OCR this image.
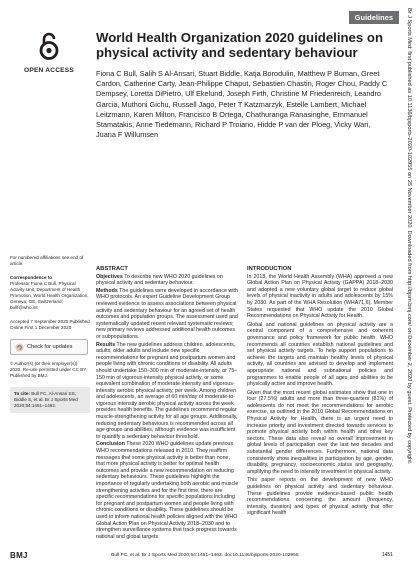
Guidelines	Br J Sports Med: first published as 10.1136/bjsports-2020-102955 on 25 November 2020. Downloaded from http://bjsm.bmj.com/ on December 2, 2020 by guest. Protected by copyright.
OPEN ACCESS
World Health Organization 2020 guidelines on physical activity and sedentary behaviour
Fiona C Bull, Salih S Al-Ansari, Stuart Biddle, Katja Borodulin, Matthew P Buman, Greet Cardon, Catherine Carty, Jean-Philippe Chaput, Sebastien Chastin, Roger Chou, Paddy C Dempsey, Loretta DiPietro, Ulf Ekelund, Joseph Firth, Christine M Friedenreich, Leandro Garcia, Muthoni Gichu, Russell Jago, Peter T Katzmarzyk, Estelle Lambert, Michael Leitzmann, Karen Milton, Francisco B Ortega, Chathuranga Ranasinghe, Emmanuel Stamatakis, Anne Tiedemann, Richard P Troiano, Hidde P van der Ploeg, Vicky Wari, Juana F Willumsen
For numbered affiliations see end of article.
Correspondence to
Professor Fiona C Bull, Physical Activity Unit, Department of Health Promotion, World Health Organization, Geneva, GE, Switzerland; bullf@who.int
Accepted 7 September 2020 Published Online First 1 December 2020
Check for updates
© Author(s) (or their employer(s)) 2020. Re-use permitted under CC BY. Published by BMJ.
To cite: Bull FC, Al-Ansari SS, Biddle S, et al. Br J Sports Med 2020;54:1451–1462.
ABSTRACT

Objectives To describe new WHO 2020 guidelines on physical activity and sedentary behaviour.

Methods The guidelines were developed in accordance with WHO protocols. An expert Guideline Development Group reviewed evidence to assess associations between physical activity and sedentary behaviour for an agreed set of health outcomes and population groups. The assessment used and systematically updated recent relevant systematic reviews; new primary reviews addressed additional health outcomes or subpopulations.

Results The new guidelines address children, adolescents, adults, older adults and include new specific recommendations for pregnant and postpartum women and people living with chronic conditions or disability. All adults should undertake 150–300 min of moderate-intensity, or 75–150 min of vigorous-intensity physical activity, or some equivalent combination of moderate-intensity and vigorous-intensity aerobic physical activity, per week. Among children and adolescents, an average of 60 min/day of moderate-to-vigorous intensity aerobic physical activity across the week provides health benefits. The guidelines recommend regular muscle-strengthening activity for all age groups. Additionally, reducing sedentary behaviours is recommended across all age groups and abilities, although evidence was insufficient to quantify a sedentary behaviour threshold.

Conclusion These 2020 WHO guidelines update previous WHO recommendations released in 2010. They reaffirm messages that some physical activity is better than none, that more physical activity is better for optimal health outcomes and provide a new recommendation on reducing sedentary behaviours. These guidelines highlight the importance of regularly undertaking both aerobic and muscle strengthening activities and for the first time, there are specific recommendations for specific populations including for pregnant and postpartum women and people living with chronic conditions or disability. These guidelines should be used to inform national health policies aligned with the WHO Global Action Plan on Physical Activity 2018–2030 and to strengthen surveillance systems that track progress towards national and global targets.

INTRODUCTION

In 2018, the World Health Assembly (WHA) approved a new Global Action Plan on Physical Activity (GAPPA) 2018–2030 and adopted a new voluntary global target to reduce global levels of physical inactivity in adults and adolescents by 15% by 2030. As part of the WHA Resolution (WHA71.6), Member States requested that WHO update the 2010 Global Recommendations on Physical Activity for Health.

Global and national guidelines on physical activity are a central component of a comprehensive and coherent governance and policy framework for public health. WHO recommends all countries establish national guidelines and set physical activity targets. To help support populations to achieve the targets and maintain healthy levels of physical activity, all countries are advised to develop and implement appropriate national and subnational policies and programmes to enable people of all ages and abilities to be physically active and improve health.

Given that the most recent global estimates show that one in four (27.5%) adults and more than three-quarters (81%) of adolescents do not meet the recommendations for aerobic exercise, as outlined in the 2010 Global Recommendations on Physical Activity for Health, there is an urgent need to increase priority and investment directed towards services to promote physical activity both within health and other key sectors. These data also reveal no overall improvement in global levels of participation over the last two decades and substantial gender differences. Furthermore, national data consistently show inequalities in participation by age, gender, disability, pregnancy, socioeconomic status and geography, amplifying the need to intensify investment in physical activity.

This paper reports on the development of new WHO guidelines on physical activity and sedentary behaviour. These guidelines provide evidence-based public health recommendations concerning the amount (frequency, intensity, duration) and types of physical activity that offer significant health

BMJ	Bull FC, et al. Br J Sports Med 2020;54:1451–1462. doi:10.1136/bjsports-2020-102955	1451
